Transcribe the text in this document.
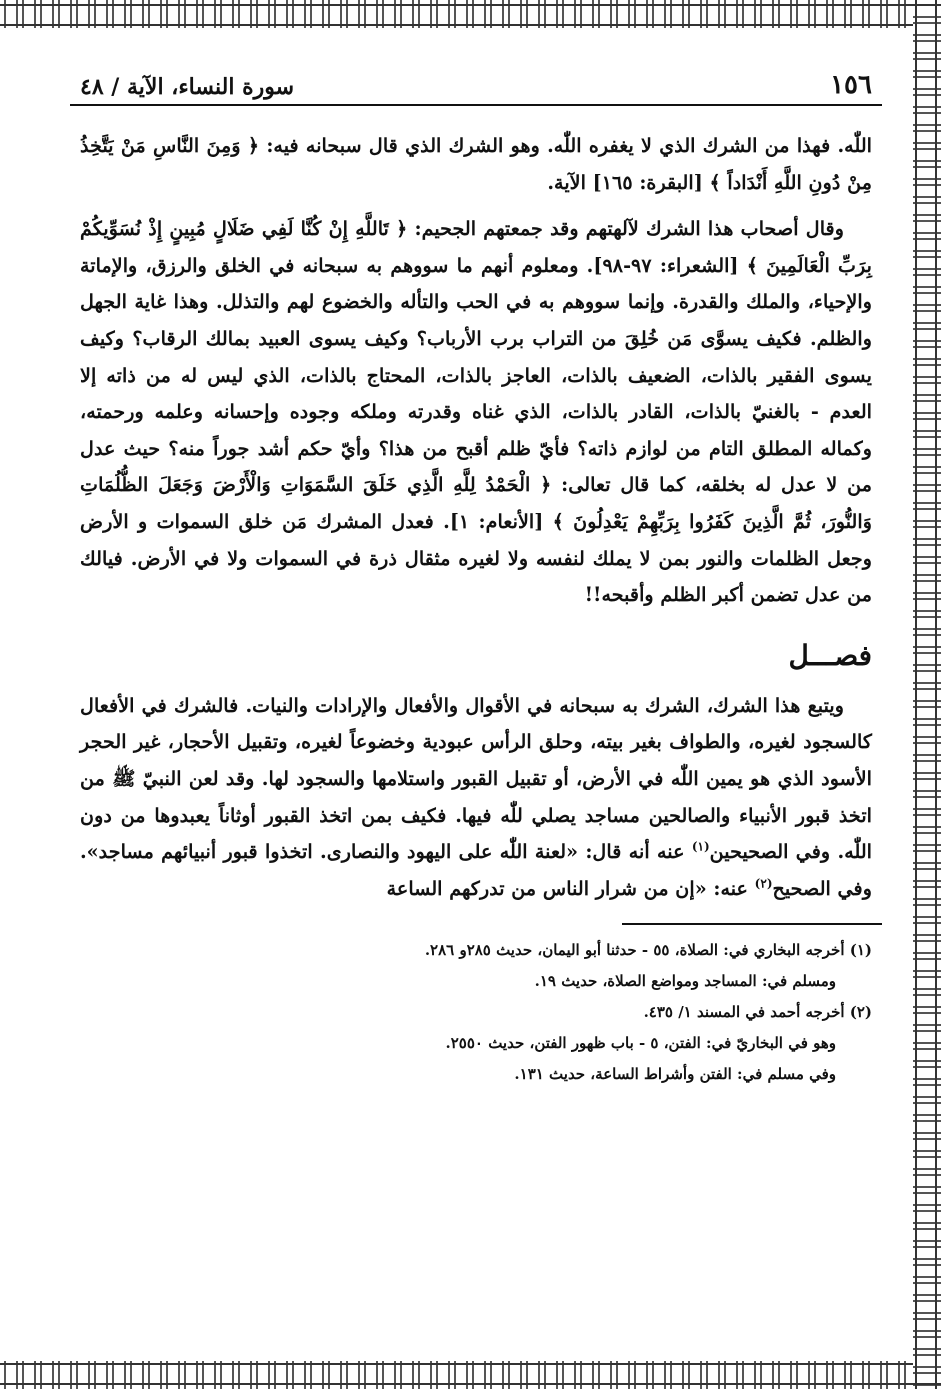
١٥٦
سورة النساء، الآية / ٤٨

اللّٰه. فهذا من الشرك الذي لا يغفره اللّٰه. وهو الشرك الذي قال سبحانه فيه: ﴿ وَمِنَ النَّاسِ مَنْ يَتَّخِذُ مِنْ دُونِ اللَّهِ أَنْدَاداً ﴾ [البقرة: ١٦٥] الآية.

وقال أصحاب هذا الشرك لآلهتهم وقد جمعتهم الجحيم: ﴿ تَاللَّهِ إِنْ كُنَّا لَفِي ضَلَالٍ مُبِينٍ إِذْ نُسَوِّيكُمْ بِرَبِّ الْعَالَمِينَ ﴾ [الشعراء: ٩٧-٩٨]. ومعلوم أنهم ما سووهم به سبحانه في الخلق والرزق، والإماتة والإحياء، والملك والقدرة. وإنما سووهم به في الحب والتأله والخضوع لهم والتذلل. وهذا غاية الجهل والظلم. فكيف يسوَّى مَن خُلِقَ من التراب برب الأرباب؟ وكيف يسوى العبيد بمالك الرقاب؟ وكيف يسوى الفقير بالذات، الضعيف بالذات، العاجز بالذات، المحتاج بالذات، الذي ليس له من ذاته إلا العدم - بالغنيّ بالذات، القادر بالذات، الذي غناه وقدرته وملكه وجوده وإحسانه وعلمه ورحمته، وكماله المطلق التام من لوازم ذاته؟ فأيّ ظلم أقبح من هذا؟ وأيّ حكم أشد جوراً منه؟ حيث عدل من لا عدل له بخلقه، كما قال تعالى: ﴿ الْحَمْدُ لِلَّهِ الَّذِي خَلَقَ السَّمَوَاتِ وَالْأَرْضَ وَجَعَلَ الظُّلُمَاتِ وَالنُّورَ، ثُمَّ الَّذِينَ كَفَرُوا بِرَبِّهِمْ يَعْدِلُونَ ﴾ [الأنعام: ١]. فعدل المشرك مَن خلق السموات و الأرض وجعل الظلمات والنور بمن لا يملك لنفسه ولا لغيره مثقال ذرة في السموات ولا في الأرض. فيالك من عدل تضمن أكبر الظلم وأقبحه!!

فصـــل

ويتبع هذا الشرك، الشرك به سبحانه في الأقوال والأفعال والإرادات والنيات. فالشرك في الأفعال كالسجود لغيره، والطواف بغير بيته، وحلق الرأس عبودية وخضوعاً لغيره، وتقبيل الأحجار، غير الحجر الأسود الذي هو يمين اللّٰه في الأرض، أو تقبيل القبور واستلامها والسجود لها. وقد لعن النبيّ ﷺ من اتخذ قبور الأنبياء والصالحين مساجد يصلي للّٰه فيها. فكيف بمن اتخذ القبور أوثاناً يعبدوها من دون اللّٰه. وفي الصحيحين$^{(١)}$ عنه أنه قال: «لعنة اللّٰه على اليهود والنصارى. اتخذوا قبور أنبيائهم مساجد». وفي الصحيح$^{(٢)}$ عنه: «إن من شرار الناس من تدركهم الساعة

(١) أخرجه البخاري في: الصلاة، ٥٥ - حدثنا أبو اليمان، حديث ٢٨٥و ٢٨٦.

ومسلم في: المساجد ومواضع الصلاة، حديث ١٩.

(٢) أخرجه أحمد في المسند ١/ ٤٣٥.

وهو في البخاريّ في: الفتن، ٥ - باب ظهور الفتن، حديث ٢٥٥٠.

وفي مسلم في: الفتن وأشراط الساعة، حديث ١٣١.
